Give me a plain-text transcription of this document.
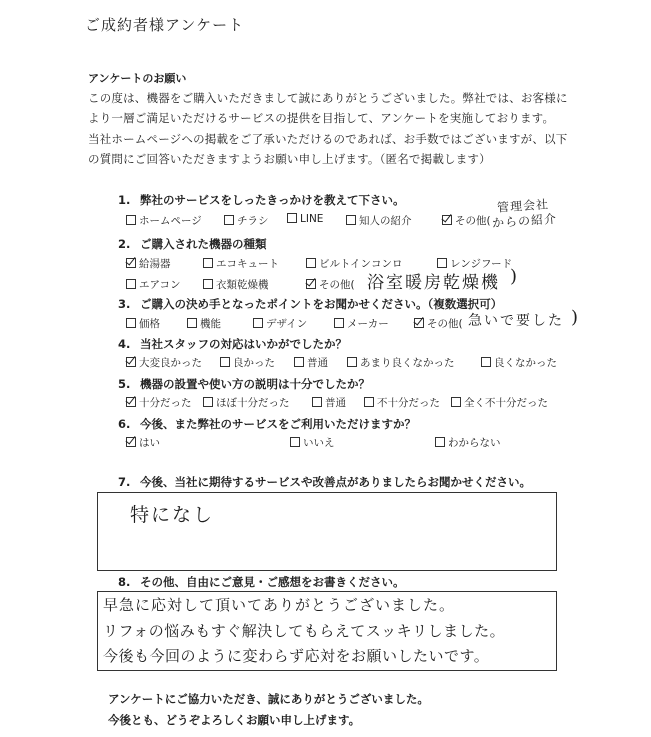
ご成約者様アンケート
アンケートのお願い
この度は、機器をご購入いただきまして誠にありがとうございました。弊社では、お客様に
より一層ご満足いただけるサービスの提供を目指して、アンケートを実施しております。
当社ホームページへの掲載をご了承いただけるのであれば、お手数ではございますが、以下
の質問にご回答いただきますようお願い申し上げます。（匿名で掲載します）
1. 弊社のサービスをしったきっかけを教えて下さい。
ホームページ	チラシ	LINE	知人の紹介	その他(
管理会社
からの紹介
2. ご購入された機器の種類
給湯器	エコキュート	ビルトインコンロ	レンジフード
エアコン	衣類乾燥機	その他( 浴室暖房乾燥機 )
3. ご購入の決め手となったポイントをお聞かせください。（複数選択可）
価格	機能	デザイン	メーカー	その他( 急いで要した )
4. 当社スタッフの対応はいかがでしたか？
大変良かった	良かった	普通	あまり良くなかった	良くなかった
5. 機器の設置や使い方の説明は十分でしたか？
十分だった	ほぼ十分だった	普通	不十分だった	全く不十分だった
6. 今後、また弊社のサービスをご利用いただけますか？
はい	いいえ	わからない
7. 今後、当社に期待するサービスや改善点がありましたらお聞かせください。
特になし
8. その他、自由にご意見・ご感想をお書きください。
早急に応対して頂いてありがとうございました。
リフォの悩みもすぐ解決してもらえてスッキリしました。
今後も今回のように変わらず応対をお願いしたいです。
アンケートにご協力いただき、誠にありがとうございました。
今後とも、どうぞよろしくお願い申し上げます。
